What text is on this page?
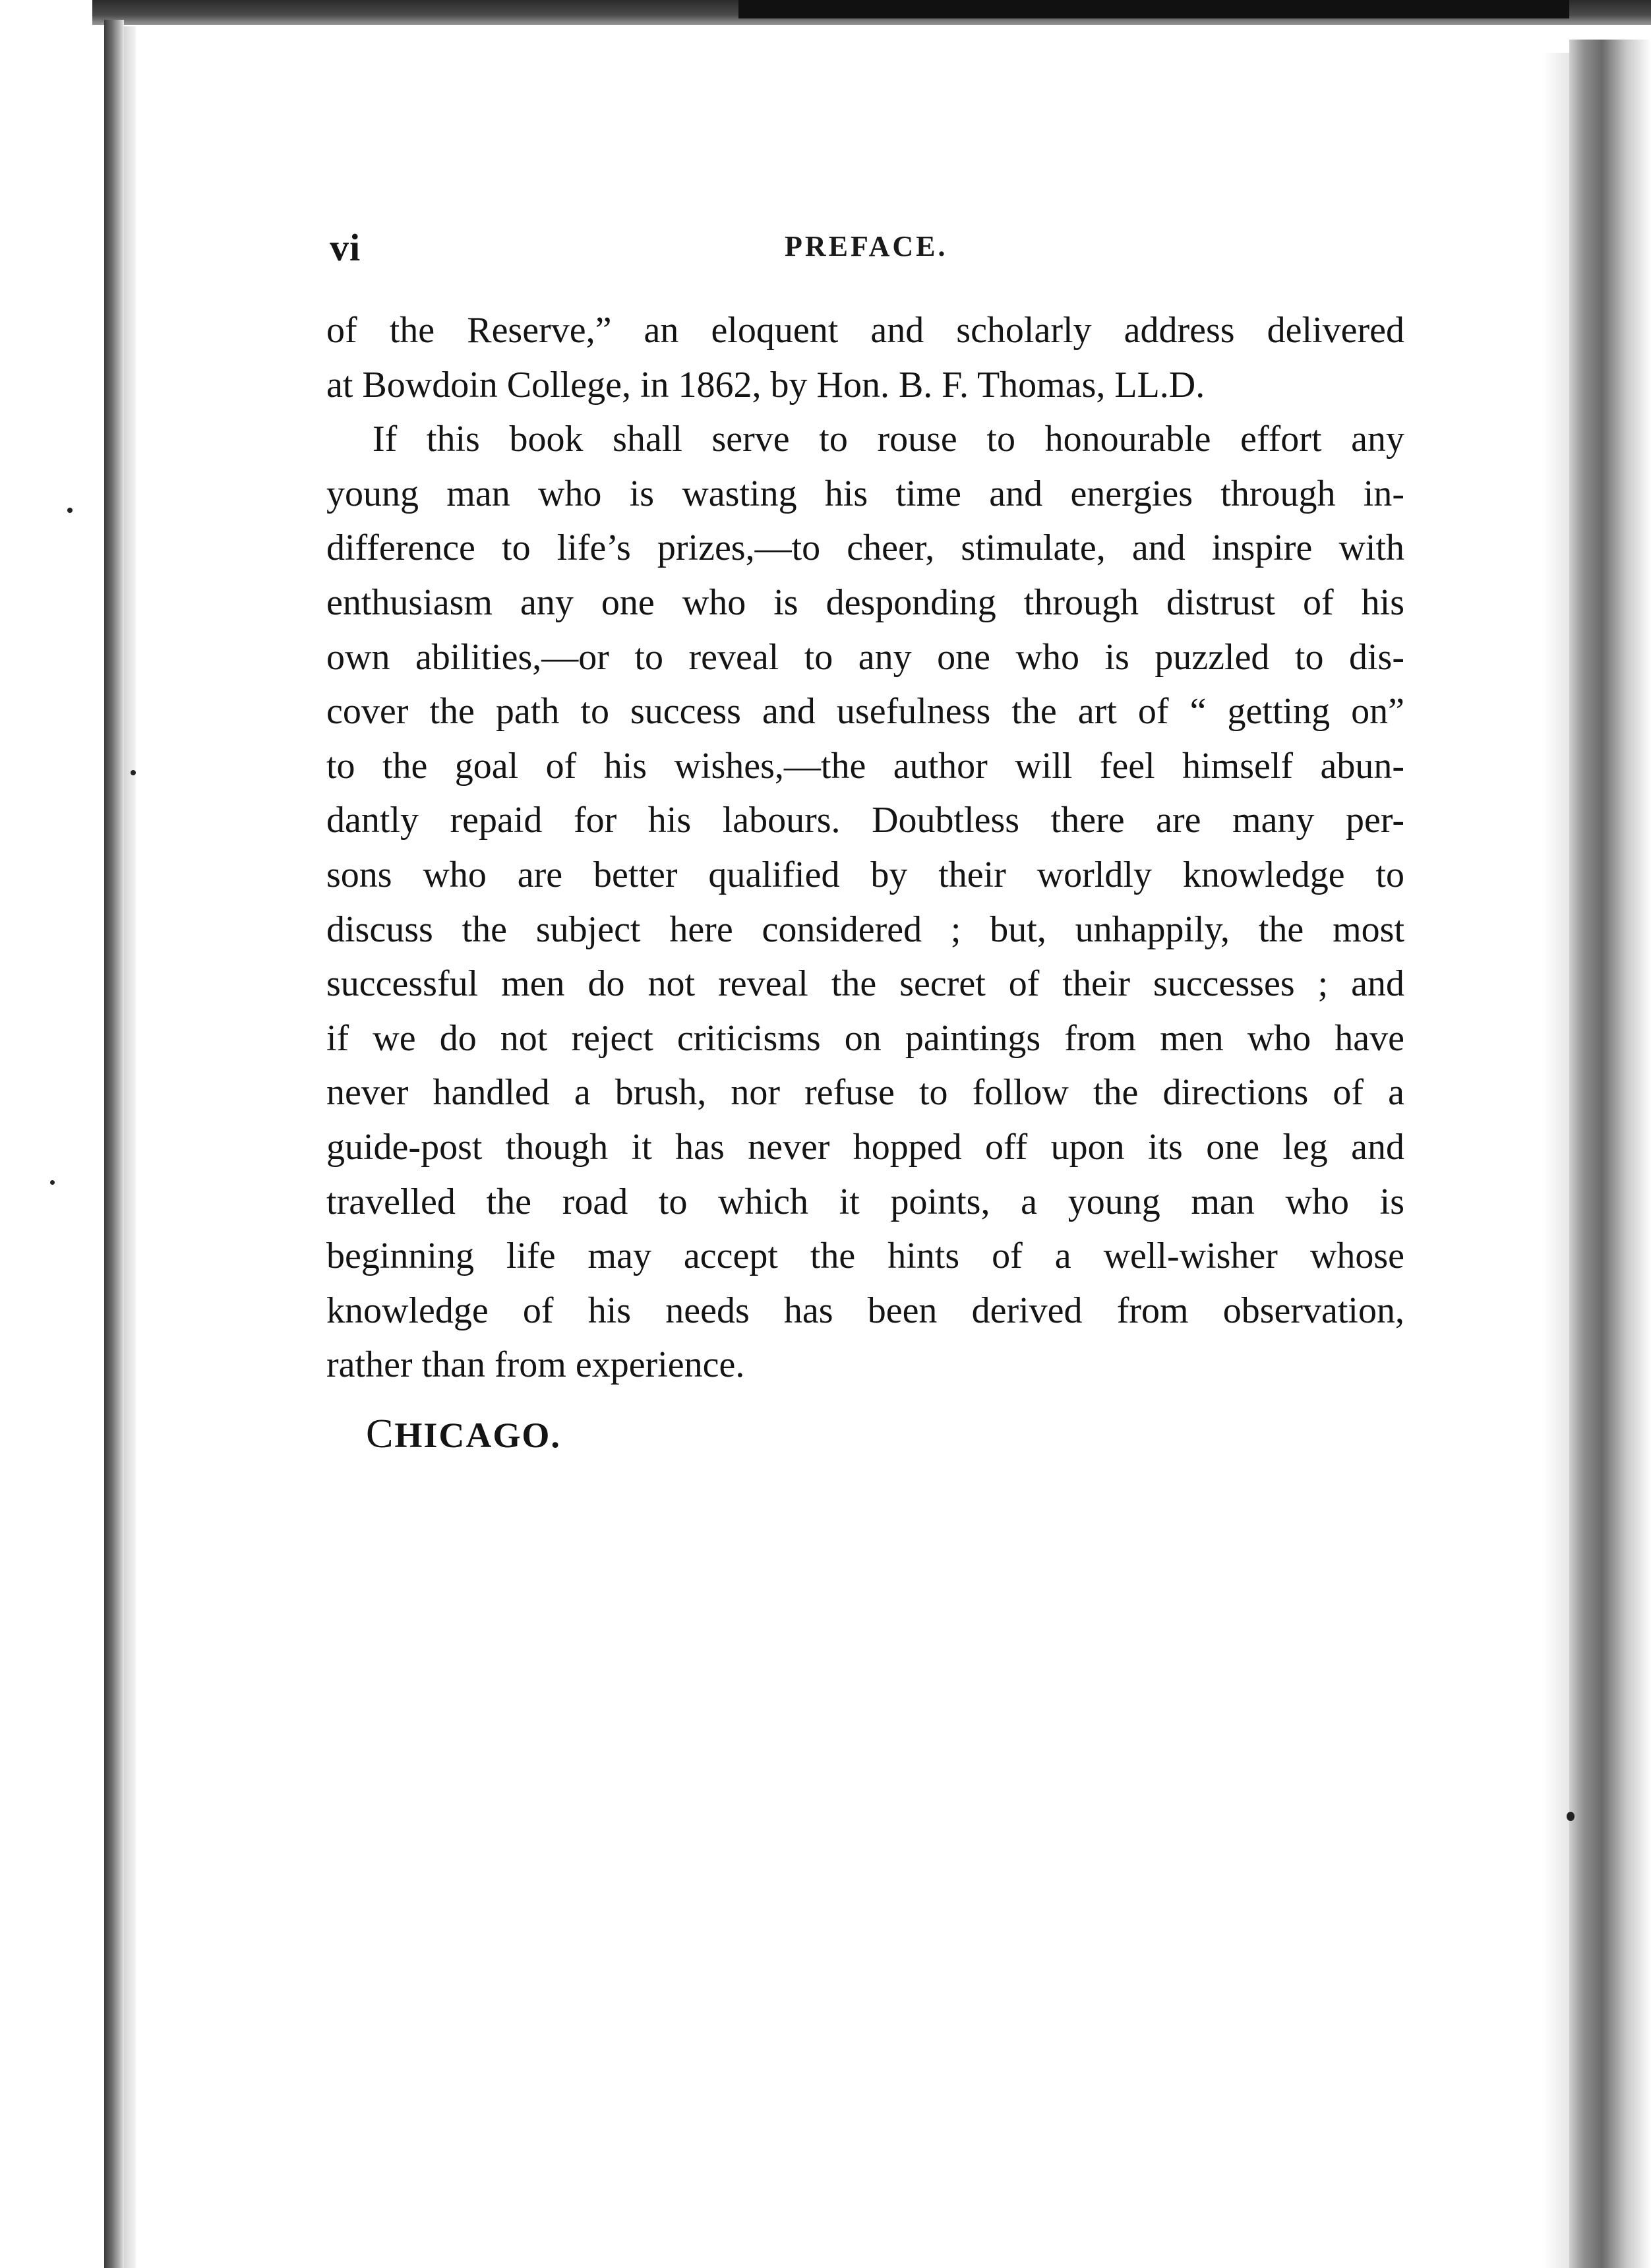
vi	PREFACE.
of the Reserve,” an eloquent and scholarly address delivered
at Bowdoin College, in 1862, by Hon. B. F. Thomas, LL.D.
If this book shall serve to rouse to honourable effort any
young man who is wasting his time and energies through in-
difference to life’s prizes,—to cheer, stimulate, and inspire with
enthusiasm any one who is desponding through distrust of his
own abilities,—or to reveal to any one who is puzzled to dis-
cover the path to success and usefulness the art of “ getting on”
to the goal of his wishes,—the author will feel himself abun-
dantly repaid for his labours. Doubtless there are many per-
sons who are better qualified by their worldly knowledge to
discuss the subject here considered ; but, unhappily, the most
successful men do not reveal the secret of their successes ; and
if we do not reject criticisms on paintings from men who have
never handled a brush, nor refuse to follow the directions of a
guide-post though it has never hopped off upon its one leg and
travelled the road to which it points, a young man who is
beginning life may accept the hints of a well-wisher whose
knowledge of his needs has been derived from observation,
rather than from experience.
CHICAGO.
